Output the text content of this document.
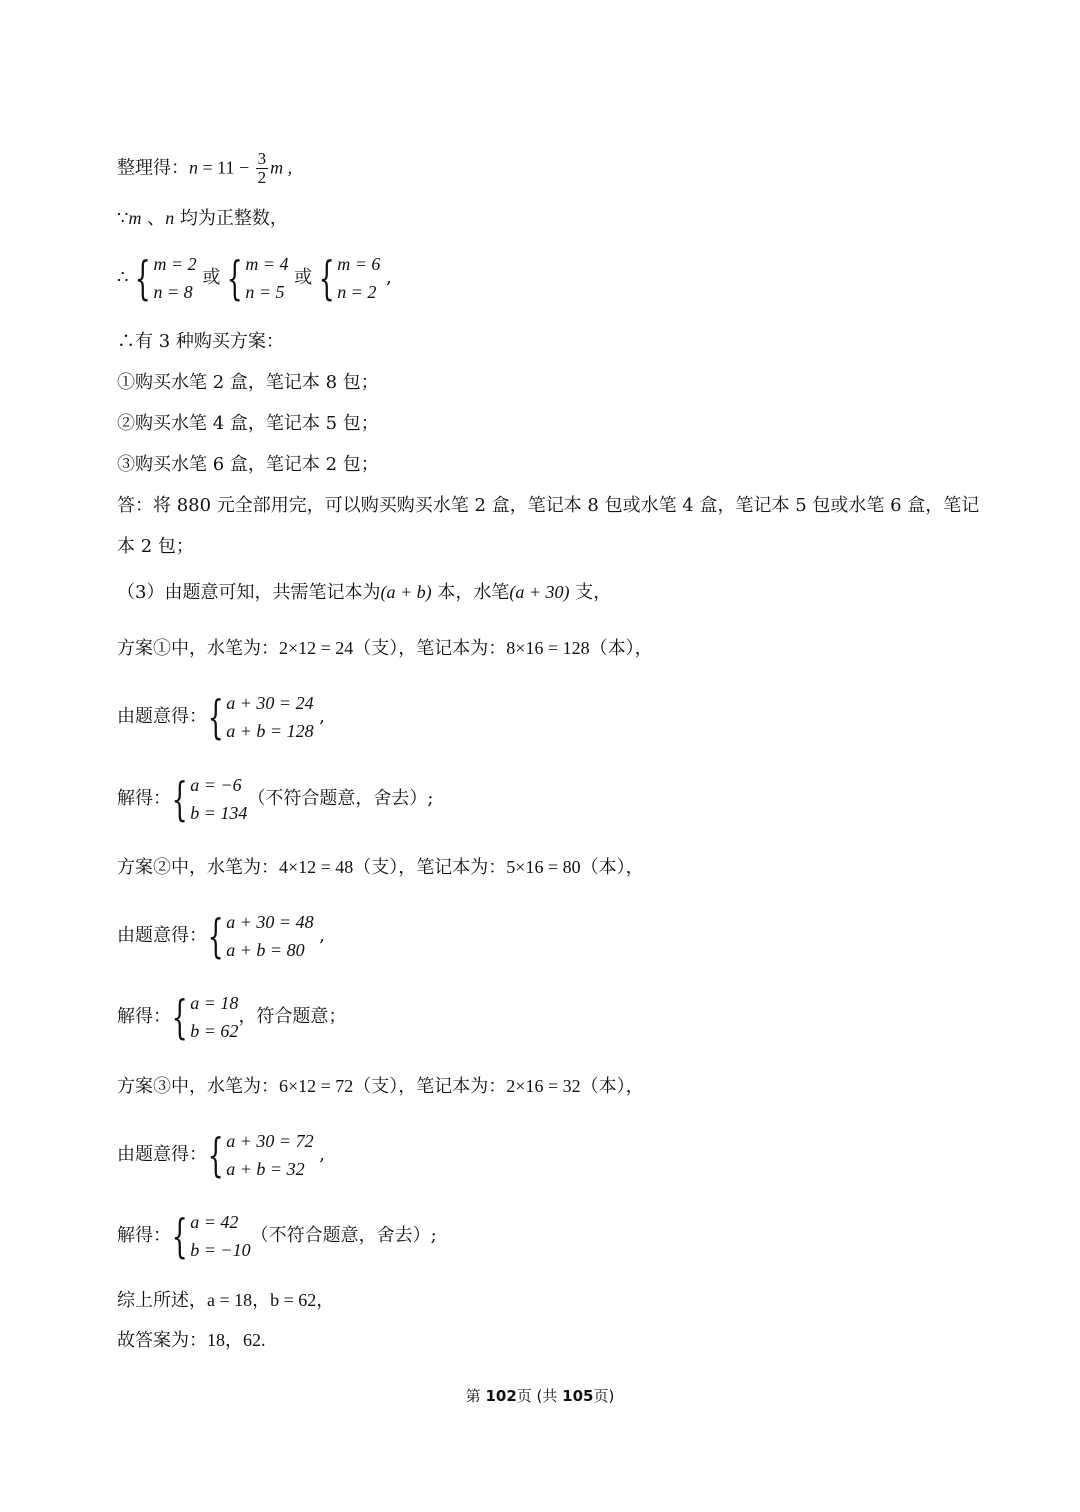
整理得：$n = 11 - \frac{3}{2}$ m ,
∵m 、n 均为正整数，
∴ { m = 2
n = 8
或 { m = 4
n = 5
或 { m = 6
n = 2
,
∴有 3 种购买方案：
①购买水笔 2 盒，笔记本 8 包；
②购买水笔 4 盒，笔记本 5 包；
③购买水笔 6 盒，笔记本 2 包；
答：将 880 元全部用完，可以购买购买水笔 2 盒，笔记本 8 包或水笔 4 盒，笔记本 5 包或水笔 6 盒，笔记
本 2 包；
（3）由题意可知，共需笔记本为(a + b) 本，水笔(a + 30) 支，
方案①中，水笔为：2×12 = 24（支），笔记本为：8×16 = 128（本），
由题意得： { a + 30 = 24
a + b = 128
,
解得： { a = −6
b = 134
（不符合题意，舍去）;
方案②中，水笔为：4×12 = 48（支），笔记本为：5×16 = 80（本），
由题意得： { a + 30 = 48
a + b = 80
,
解得： { a = 18
b = 62
，符合题意；
方案③中，水笔为：6×12 = 72（支），笔记本为：2×16 = 32（本），
由题意得： { a + 30 = 72
a + b = 32
,
解得： { a = 42
b = −10
（不符合题意，舍去）;
综上所述，a = 18，b = 62，
故答案为：18，62.
第 102页 (共 105页)
